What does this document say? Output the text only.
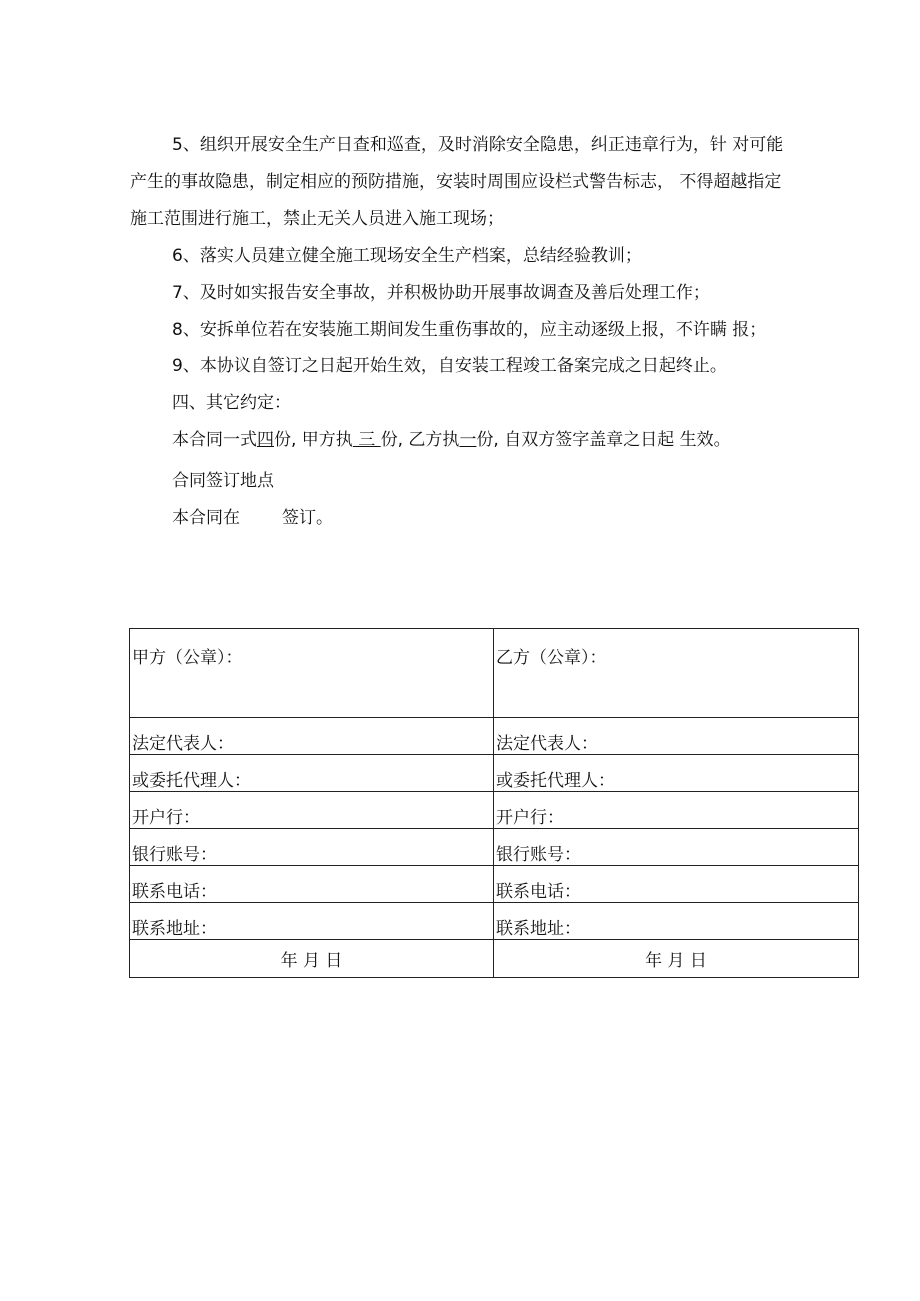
5、组织开展安全生产日查和巡查，及时消除安全隐患，纠正违章行为，针 对可能

产生的事故隐患，制定相应的预防措施，安装时周围应设栏式警告标志， 不得超越指定

施工范围进行施工，禁止无关人员进入施工现场；

6、落实人员建立健全施工现场安全生产档案，总结经验教训；

7、及时如实报告安全事故，并积极协助开展事故调查及善后处理工作；

8、安拆单位若在安装施工期间发生重伤事故的，应主动逐级上报，不许瞒 报；

9、本协议自签订之日起开始生效，自安装工程竣工备案完成之日起终止。

四、其它约定：

本合同一式四份, 甲方执 三 份, 乙方执一份, 自双方签字盖章之日起 生效。

合同签订地点

本合同在 签订。

甲方（公章）：	乙方（公章）：
法定代表人：	法定代表人：
或委托代理人：	或委托代理人：
开户行：	开户行：
银行账号：	银行账号：
联系电话：	联系电话：
联系地址：	联系地址：
年 月 日	年 月 日
